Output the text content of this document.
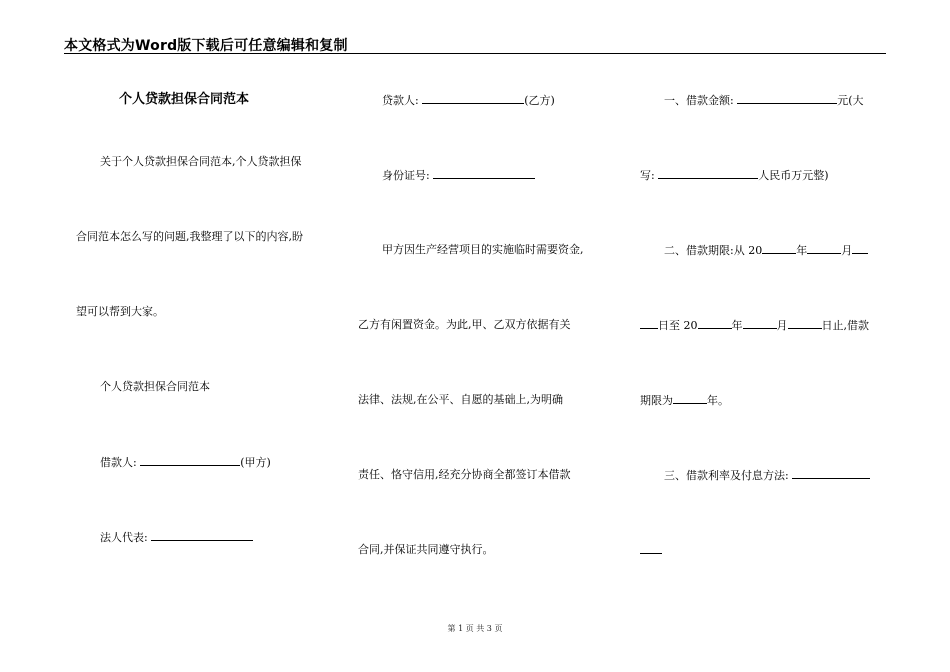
本文格式为Word版下载后可任意编辑和复制
个人贷款担保合同范本
关于个人贷款担保合同范本,个人贷款担保
合同范本怎么写的问题,我整理了以下的内容,盼
望可以帮到大家。
个人贷款担保合同范本
借款人:	(甲方)
法人代表:
贷款人:	(乙方)
身份证号:
甲方因生产经营项目的实施临时需要资金,
乙方有闲置资金。为此,甲、乙双方依据有关
法律、法规,在公平、自愿的基础上,为明确
责任、恪守信用,经充分协商全都签订本借款
合同,并保证共同遵守执行。
一、借款金额:	元(大
写:	人民币万元整)
二、借款期限:从 20	年	月
日至 20	年	月	日止,借款
期限为	年。
三、借款利率及付息方法:
第 1 页 共 3 页
